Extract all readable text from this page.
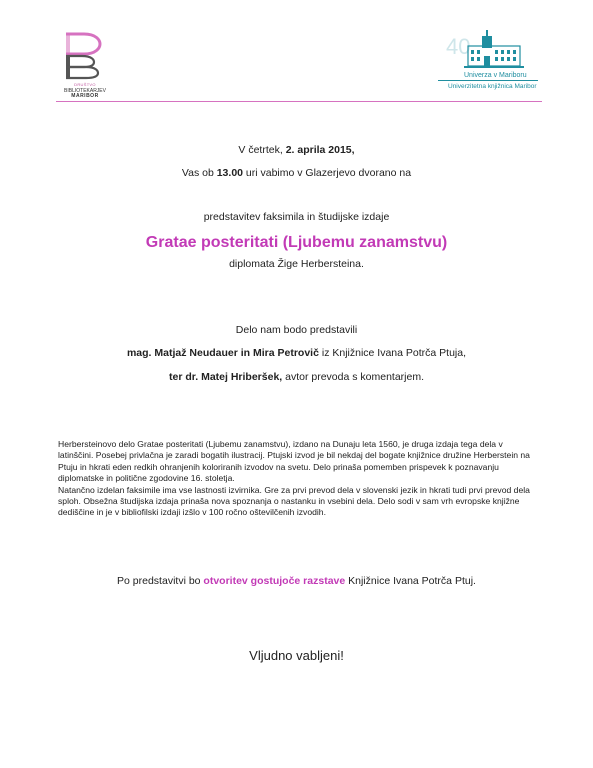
DRUŠTVO
BIBLIOTEKARJEV
MARIBOR
40
Univerza v Mariboru
Univerzitetna knjižnica Maribor
V četrtek, 2. aprila 2015,
Vas ob 13.00 uri vabimo v Glazerjevo dvorano na
predstavitev faksimila in študijske izdaje
Gratae posteritati (Ljubemu zanamstvu)
diplomata Žige Herbersteina.
Delo nam bodo predstavili
mag. Matjaž Neudauer in Mira Petrovič iz Knjižnice Ivana Potrča Ptuja,
ter dr. Matej Hriberšek, avtor prevoda s komentarjem.

Herbersteinovo delo Gratae posteritati (Ljubemu zanamstvu), izdano na Dunaju leta 1560, je druga izdaja tega dela v
latinščini. Posebej privlačna je zaradi bogatih ilustracij. Ptujski izvod je bil nekdaj del bogate knjižnice družine Herberstein na
Ptuju in hkrati eden redkih ohranjenih koloriranih izvodov na svetu. Delo prinaša pomemben prispevek k poznavanju
diplomatske in politične zgodovine 16. stoletja.

Natančno izdelan faksimile ima vse lastnosti izvirnika. Gre za prvi prevod dela v slovenski jezik in hkrati tudi prvi prevod dela
sploh. Obsežna študijska izdaja prinaša nova spoznanja o nastanku in vsebini dela. Delo sodi v sam vrh evropske knjižne
dediščine in je v bibliofilski izdaji izšlo v 100 ročno oštevilčenih izvodih.

Po predstavitvi bo otvoritev gostujoče razstave Knjižnice Ivana Potrča Ptuj.
Vljudno vabljeni!
